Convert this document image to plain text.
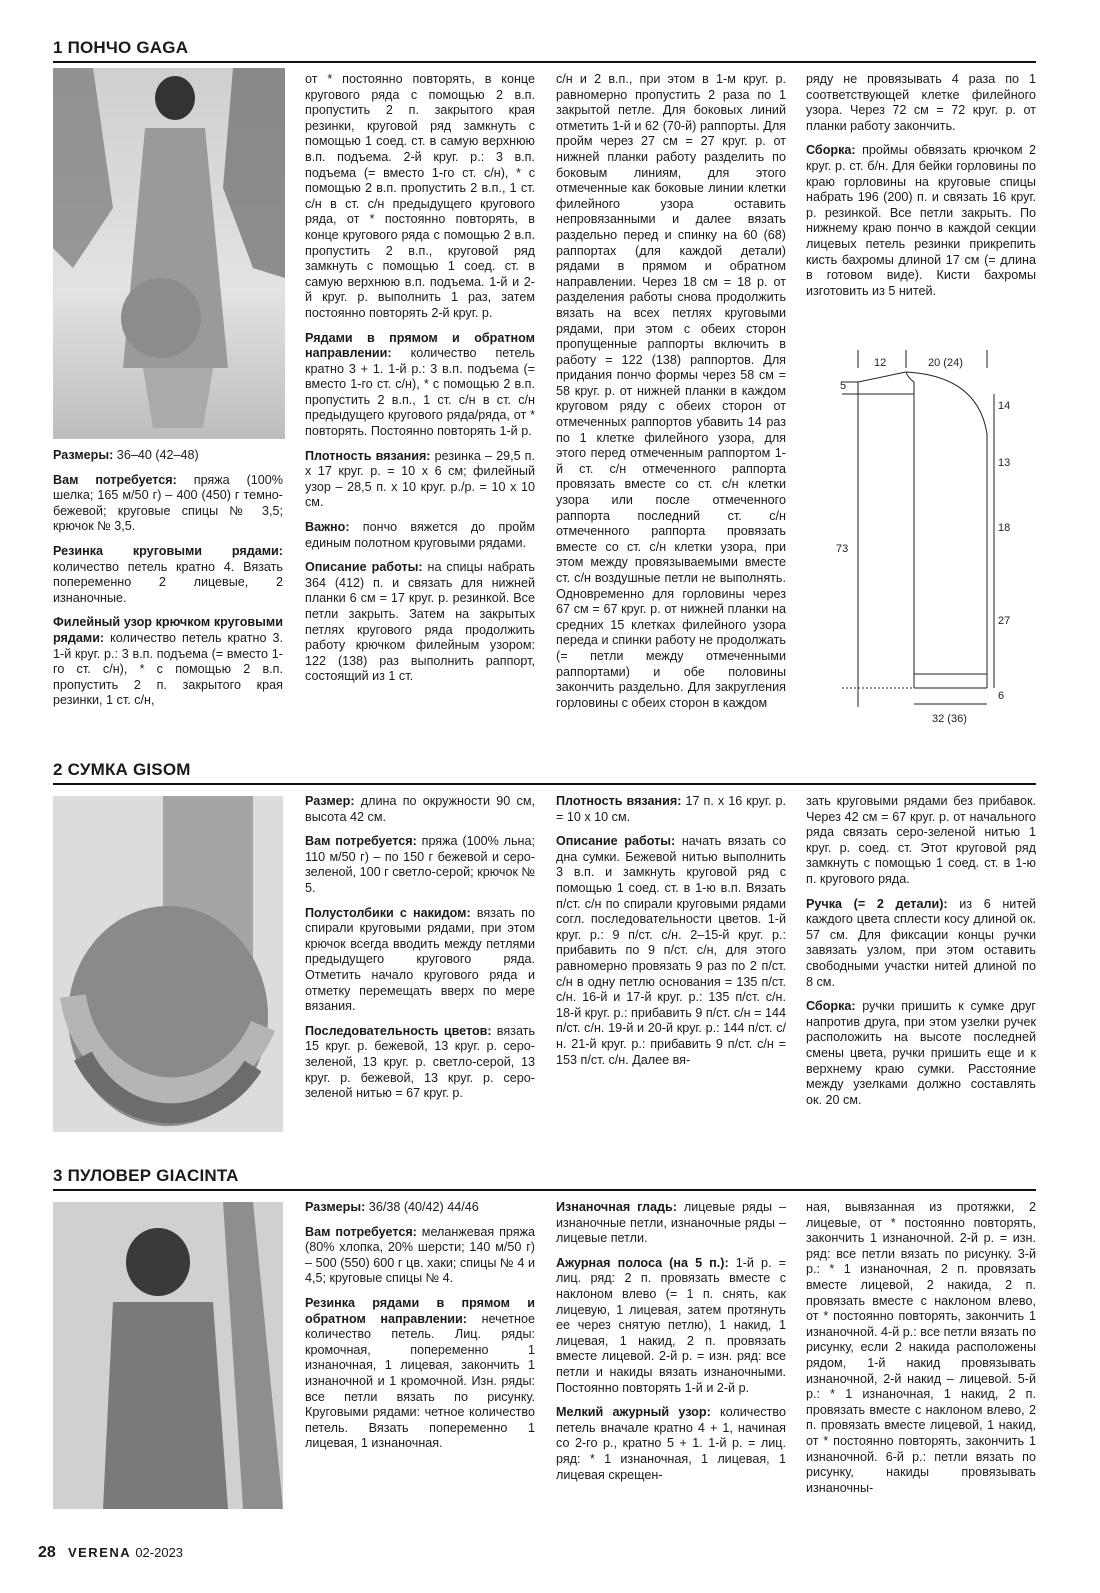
1 ПОНЧО GAGA
2 СУМКА GISOM
3 ПУЛОВЕР GIACINTA

Размеры: 36–40 (42–48)

Вам потребуется: пряжа (100% шелка; 165 м/50 г) – 400 (450) г темно-бежевой; круговые спицы № 3,5; крючок № 3,5.

Резинка круговыми рядами: количество петель кратно 4. Вязать попеременно 2 лицевые, 2 изнаночные.

Филейный узор крючком круговыми рядами: количество петель кратно 3. 1-й круг. р.: 3 в.п. подъема (= вместо 1-го ст. с/н), * с помощью 2 в.п. пропустить 2 п. закрытого края резинки, 1 ст. с/н,

от * постоянно повторять, в конце кругового ряда с помощью 2 в.п. пропустить 2 п. закрытого края резинки, круговой ряд замкнуть с помощью 1 соед. ст. в самую верхнюю в.п. подъема. 2-й круг. р.: 3 в.п. подъема (= вместо 1-го ст. с/н), * с помощью 2 в.п. пропустить 2 в.п., 1 ст. с/н в ст. с/н предыдущего кругового ряда, от * постоянно повторять, в конце кругового ряда с помощью 2 в.п. пропустить 2 в.п., круговой ряд замкнуть с помощью 1 соед. ст. в самую верхнюю в.п. подъема. 1-й и 2-й круг. р. выполнить 1 раз, затем постоянно повторять 2-й круг. р.

Рядами в прямом и обратном направлении: количество петель кратно 3 + 1. 1-й р.: 3 в.п. подъема (= вместо 1-го ст. с/н), * с помощью 2 в.п. пропустить 2 в.п., 1 ст. с/н в ст. с/н предыдущего кругового ряда/ряда, от * повторять. Постоянно повторять 1-й р.

Плотность вязания: резинка – 29,5 п. x 17 круг. р. = 10 x 6 см; филейный узор – 28,5 п. x 10 круг. р./р. = 10 x 10 см.

Важно: пончо вяжется до пройм единым полотном круговыми рядами.

Описание работы: на спицы набрать 364 (412) п. и связать для нижней планки 6 см = 17 круг. р. резинкой. Все петли закрыть. Затем на закрытых петлях кругового ряда продолжить работу крючком филейным узором: 122 (138) раз выполнить раппорт, состоящий из 1 ст.

с/н и 2 в.п., при этом в 1-м круг. р. равномерно пропустить 2 раза по 1 закрытой петле. Для боковых линий отметить 1-й и 62 (70-й) раппорты. Для пройм через 27 см = 27 круг. р. от нижней планки работу разделить по боковым линиям, для этого отмеченные как боковые линии клетки филейного узора оставить непровязанными и далее вязать раздельно перед и спинку на 60 (68) раппортах (для каждой детали) рядами в прямом и обратном направлении. Через 18 см = 18 р. от разделения работы снова продолжить вязать на всех петлях круговыми рядами, при этом с обеих сторон пропущенные раппорты включить в работу = 122 (138) раппортов. Для придания пончо формы через 58 см = 58 круг. р. от нижней планки в каждом круговом ряду с обеих сторон от отмеченных раппортов убавить 14 раз по 1 клетке филейного узора, для этого перед отмеченным раппортом 1-й ст. с/н отмеченного раппорта провязать вместе со ст. с/н клетки узора или после отмеченного раппорта последний ст. с/н отмеченного раппорта провязать вместе со ст. с/н клетки узора, при этом между провязываемыми вместе ст. с/н воздушные петли не выполнять. Одновременно для горловины через 67 см = 67 круг. р. от нижней планки на средних 15 клетках филейного узора переда и спинки работу не продолжать (= петли между отмеченными раппортами) и обе половины закончить раздельно. Для закругления горловины с обеих сторон в каждом

ряду не провязывать 4 раза по 1 соответствующей клетке филейного узора. Через 72 см = 72 круг. р. от планки работу закончить.

Сборка: проймы обвязать крючком 2 круг. р. ст. б/н. Для бейки горловины по краю горловины на круговые спицы набрать 196 (200) п. и связать 16 круг. р. резинкой. Все петли закрыть. По нижнему краю пончо в каждой секции лицевых петель резинки прикрепить кисть бахромы длиной 17 см (= длина в готовом виде). Кисти бахромы изготовить из 5 нитей.

12	20 (24)
5
14
13
18
27
6
73
32 (36)

Размер: длина по окружности 90 см, высота 42 см.

Вам потребуется: пряжа (100% льна; 110 м/50 г) – по 150 г бежевой и серо-зеленой, 100 г светло-серой; крючок № 5.

Полустолбики с накидом: вязать по спирали круговыми рядами, при этом крючок всегда вводить между петлями предыдущего кругового ряда. Отметить начало кругового ряда и отметку перемещать вверх по мере вязания.

Последовательность цветов: вязать 15 круг. р. бежевой, 13 круг. р. серо-зеленой, 13 круг. р. светло-серой, 13 круг. р. бежевой, 13 круг. р. серо-зеленой нитью = 67 круг. р.

Плотность вязания: 17 п. x 16 круг. р. = 10 x 10 см.

Описание работы: начать вязать со дна сумки. Бежевой нитью выполнить 3 в.п. и замкнуть круговой ряд с помощью 1 соед. ст. в 1-ю в.п. Вязать п/ст. с/н по спирали круговыми рядами согл. последовательности цветов. 1-й круг. р.: 9 п/ст. с/н. 2–15-й круг. р.: прибавить по 9 п/ст. с/н, для этого равномерно провязать 9 раз по 2 п/ст. с/н в одну петлю основания = 135 п/ст. с/н. 16-й и 17-й круг. р.: 135 п/ст. с/н. 18-й круг. р.: прибавить 9 п/ст. с/н = 144 п/ст. с/н. 19-й и 20-й круг. р.: 144 п/ст. с/н. 21-й круг. р.: прибавить 9 п/ст. с/н = 153 п/ст. с/н. Далее вя-

зать круговыми рядами без прибавок. Через 42 см = 67 круг. р. от начального ряда связать серо-зеленой нитью 1 круг. р. соед. ст. Этот круговой ряд замкнуть с помощью 1 соед. ст. в 1-ю п. кругового ряда.

Ручка (= 2 детали): из 6 нитей каждого цвета сплести косу длиной ок. 57 см. Для фиксации концы ручки завязать узлом, при этом оставить свободными участки нитей длиной по 8 см.

Сборка: ручки пришить к сумке друг напротив друга, при этом узелки ручек расположить на высоте последней смены цвета, ручки пришить еще и к верхнему краю сумки. Расстояние между узелками должно составлять ок. 20 см.

Размеры: 36/38 (40/42) 44/46

Вам потребуется: меланжевая пряжа (80% хлопка, 20% шерсти; 140 м/50 г) – 500 (550) 600 г цв. хаки; спицы № 4 и 4,5; круговые спицы № 4.

Резинка рядами в прямом и обратном направлении: нечетное количество петель. Лиц. ряды: кромочная, попеременно 1 изнаночная, 1 лицевая, закончить 1 изнаночной и 1 кромочной. Изн. ряды: все петли вязать по рисунку. Круговыми рядами: четное количество петель. Вязать попеременно 1 лицевая, 1 изнаночная.

Изнаночная гладь: лицевые ряды – изнаночные петли, изнаночные ряды – лицевые петли.

Ажурная полоса (на 5 п.): 1-й р. = лиц. ряд: 2 п. провязать вместе с наклоном влево (= 1 п. снять, как лицевую, 1 лицевая, затем протянуть ее через снятую петлю), 1 накид, 1 лицевая, 1 накид, 2 п. провязать вместе лицевой. 2-й р. = изн. ряд: все петли и накиды вязать изнаночными. Постоянно повторять 1-й и 2-й р.

Мелкий ажурный узор: количество петель вначале кратно 4 + 1, начиная со 2-го р., кратно 5 + 1. 1-й р. = лиц. ряд: * 1 изнаночная, 1 лицевая, 1 лицевая скрещен-

ная, вывязанная из протяжки, 2 лицевые, от * постоянно повторять, закончить 1 изнаночной. 2-й р. = изн. ряд: все петли вязать по рисунку. 3-й р.: * 1 изнаночная, 2 п. провязать вместе лицевой, 2 накида, 2 п. провязать вместе с наклоном влево, от * постоянно повторять, закончить 1 изнаночной. 4-й р.: все петли вязать по рисунку, если 2 накида расположены рядом, 1-й накид провязывать изнаночной, 2-й накид – лицевой. 5-й р.: * 1 изнаночная, 1 накид, 2 п. провязать вместе с наклоном влево, 2 п. провязать вместе лицевой, 1 накид, от * постоянно повторять, закончить 1 изнаночной. 6-й р.: петли вязать по рисунку, накиды провязывать изнаночны-

28 VERENA 02-2023
